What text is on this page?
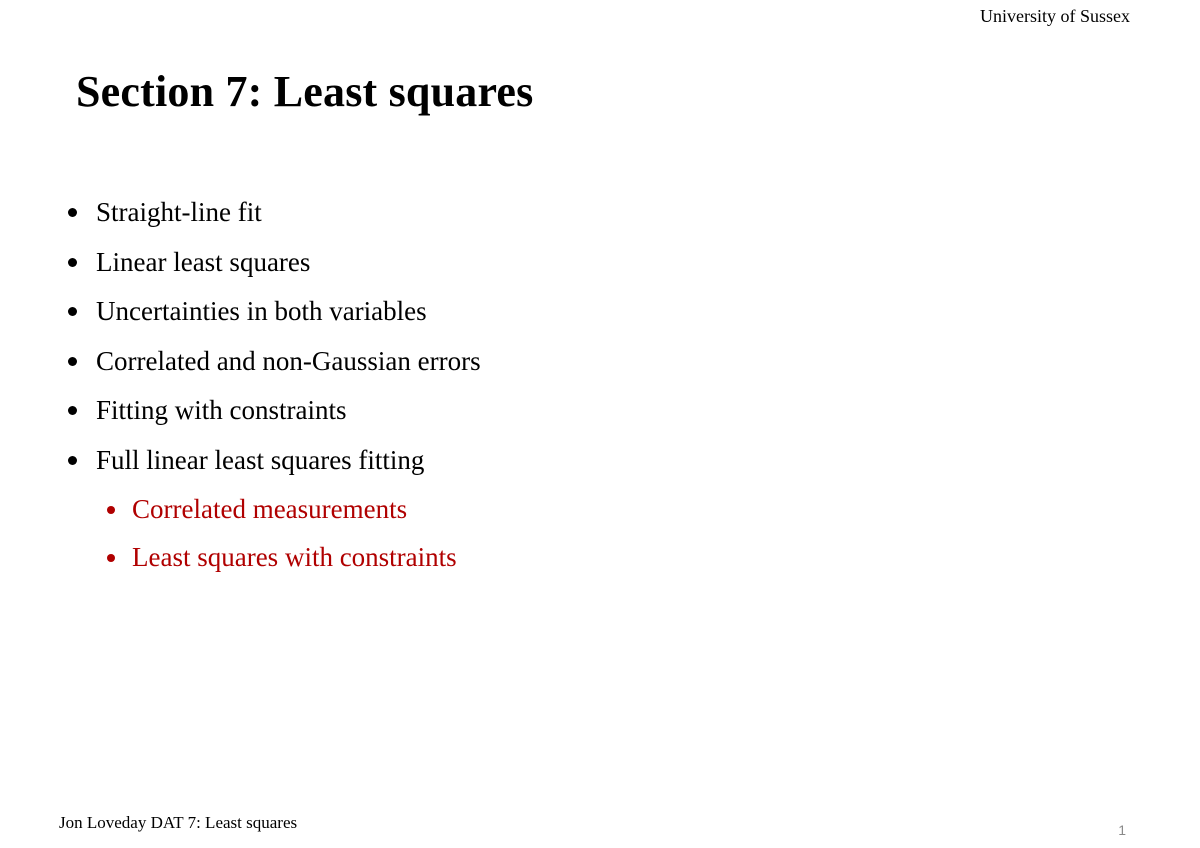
University of Sussex
Section 7: Least squares
Straight-line fit
Linear least squares
Uncertainties in both variables
Correlated and non-Gaussian errors
Fitting with constraints
Full linear least squares fitting
Correlated measurements
Least squares with constraints
Jon Loveday DAT 7: Least squares	1
